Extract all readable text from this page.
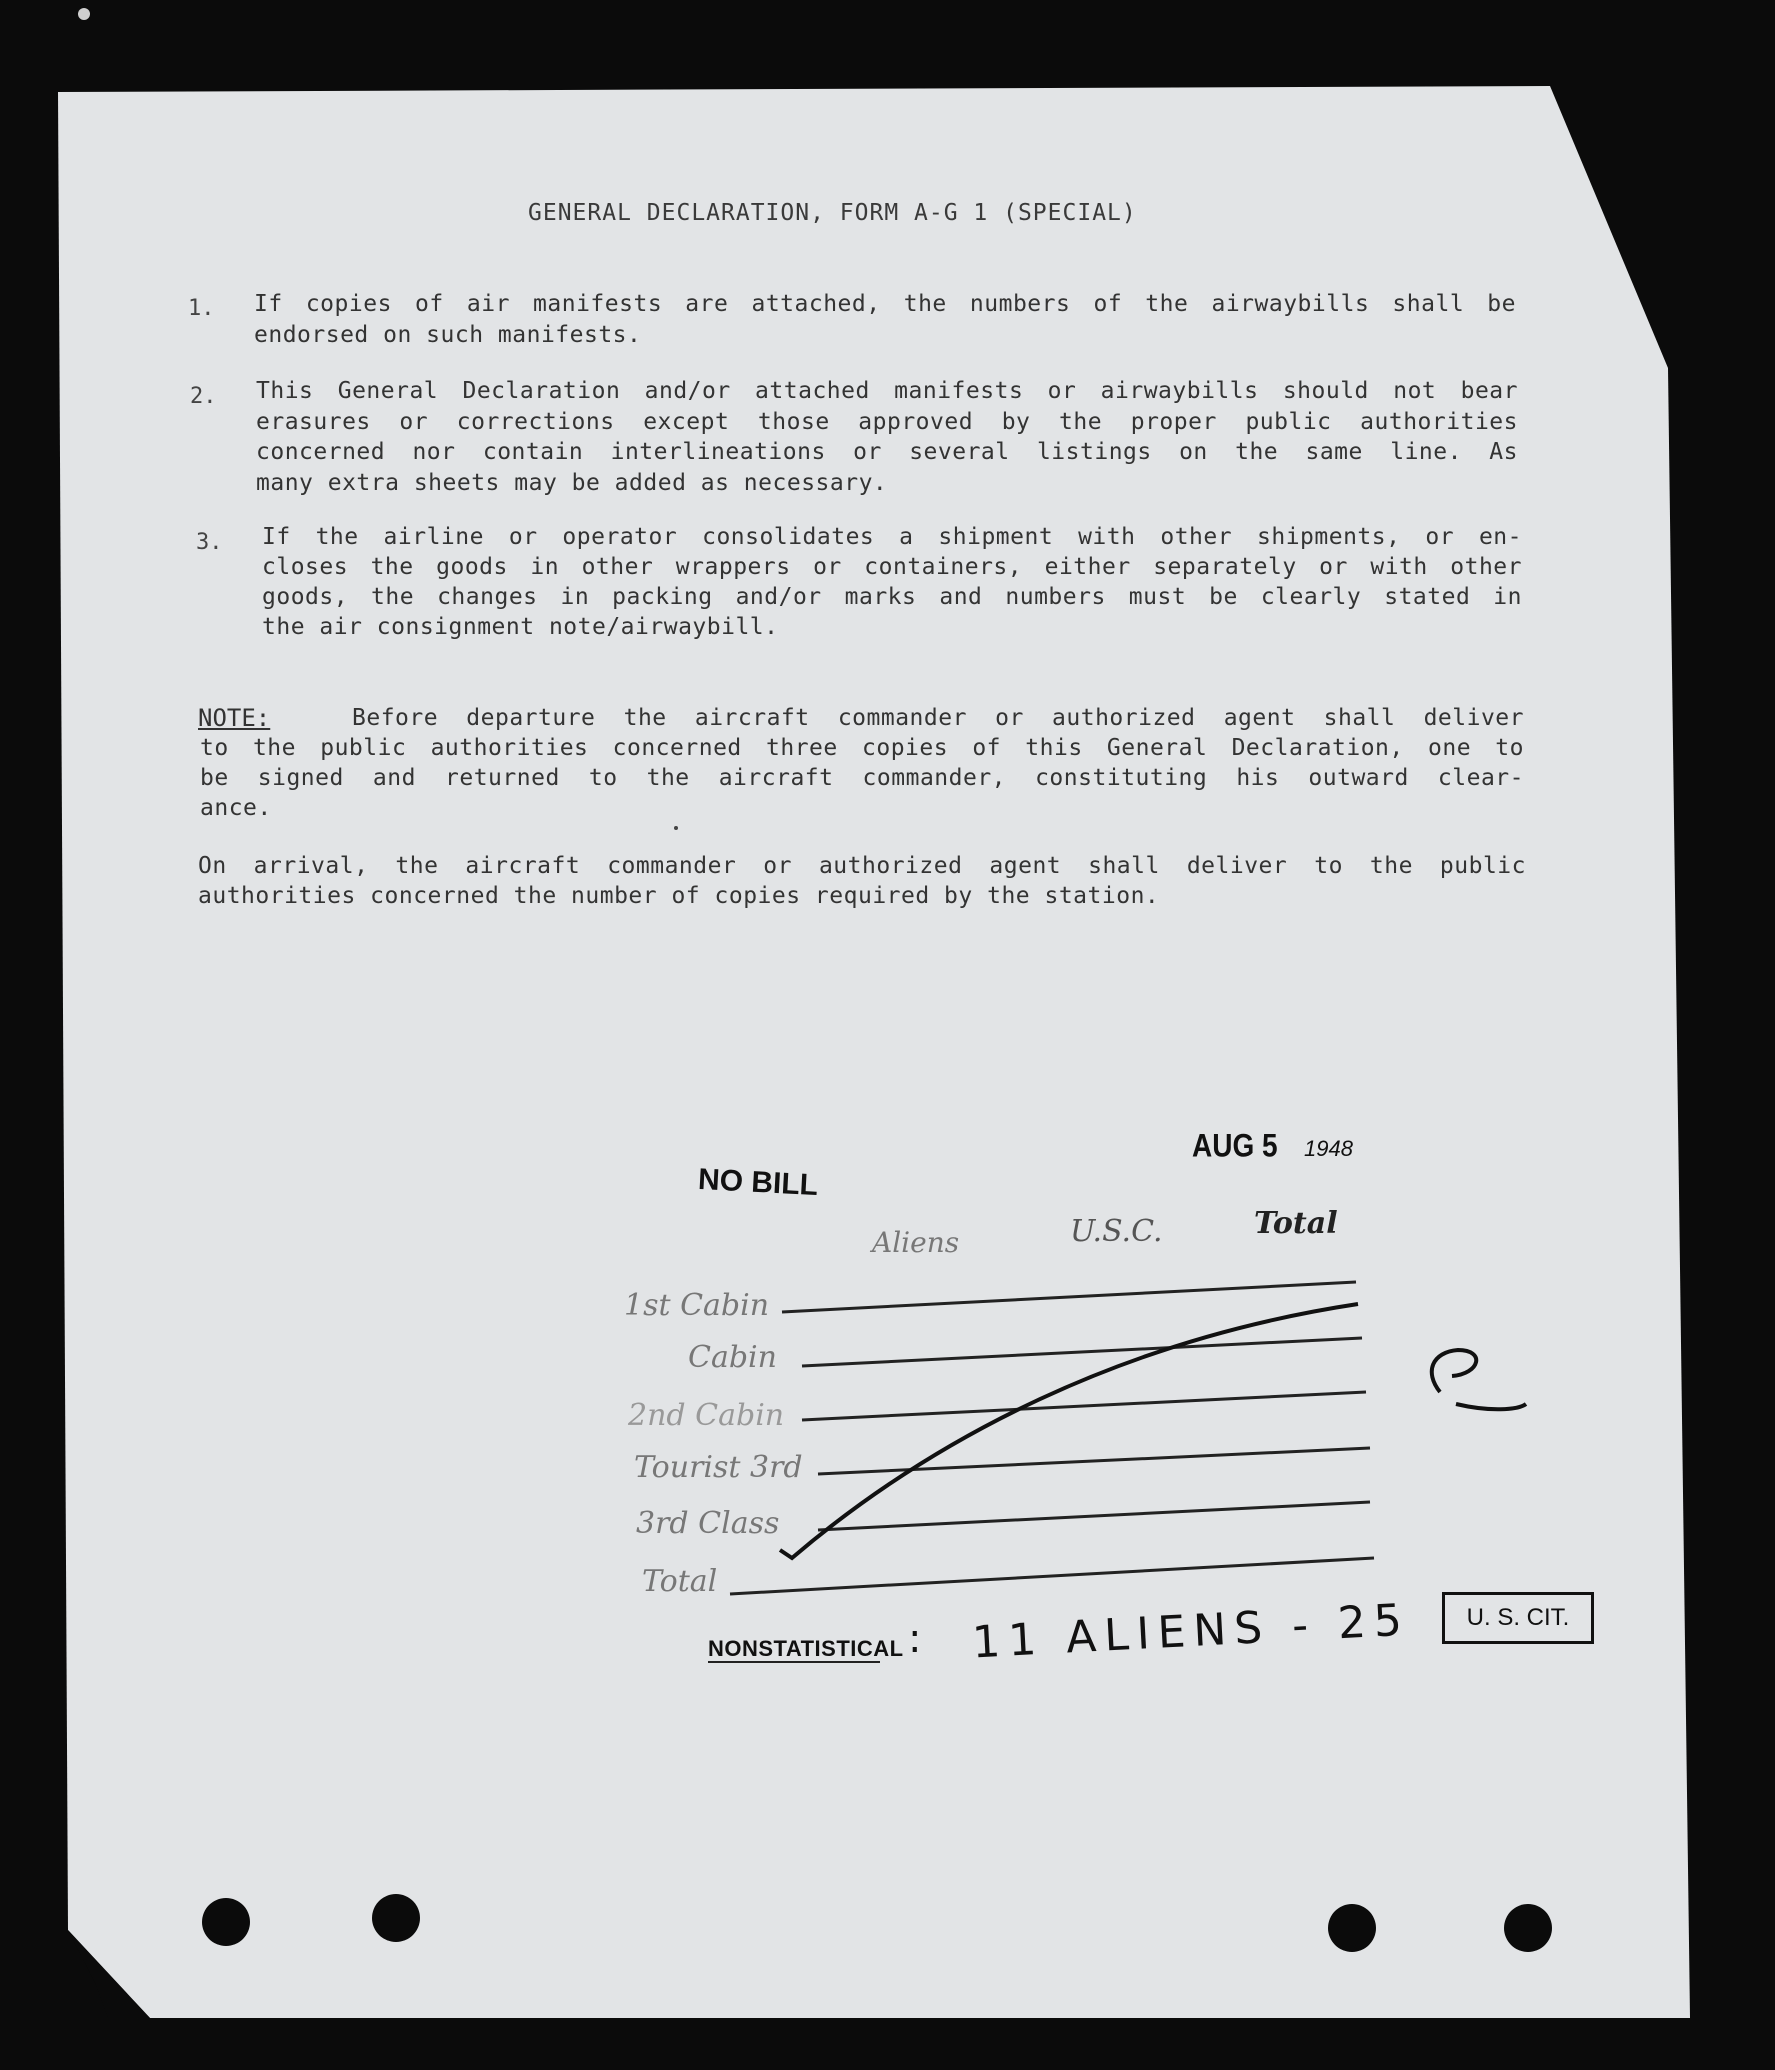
GENERAL DECLARATION, FORM A-G 1 (SPECIAL)
1. If copies of air manifests are attached, the numbers of the airwaybills shall be
endorsed on such manifests.
2. This General Declaration and/or attached manifests or airwaybills should not bear
erasures or corrections except those approved by the proper public authorities
concerned nor contain interlineations or several listings on the same line. As
many extra sheets may be added as necessary.
3. If the airline or operator consolidates a shipment with other shipments, or en-
closes the goods in other wrappers or containers, either separately or with other
goods, the changes in packing and/or marks and numbers must be clearly stated in
the air consignment note/airwaybill.
NOTE:	Before departure the aircraft commander or authorized agent shall deliver
to the public authorities concerned three copies of this General Declaration, one to
be signed and returned to the aircraft commander, constituting his outward clear-
ance.
On arrival, the aircraft commander or authorized agent shall deliver to the public
authorities concerned the number of copies required by the station.
AUG 5 1948
NO BILL
Aliens	U.S.C.	Total
1st Cabin
Cabin
2nd Cabin
Tourist 3rd
3rd Class
Total
NONSTATISTICAL : 11 ALIENS - 25	U. S. CIT.
